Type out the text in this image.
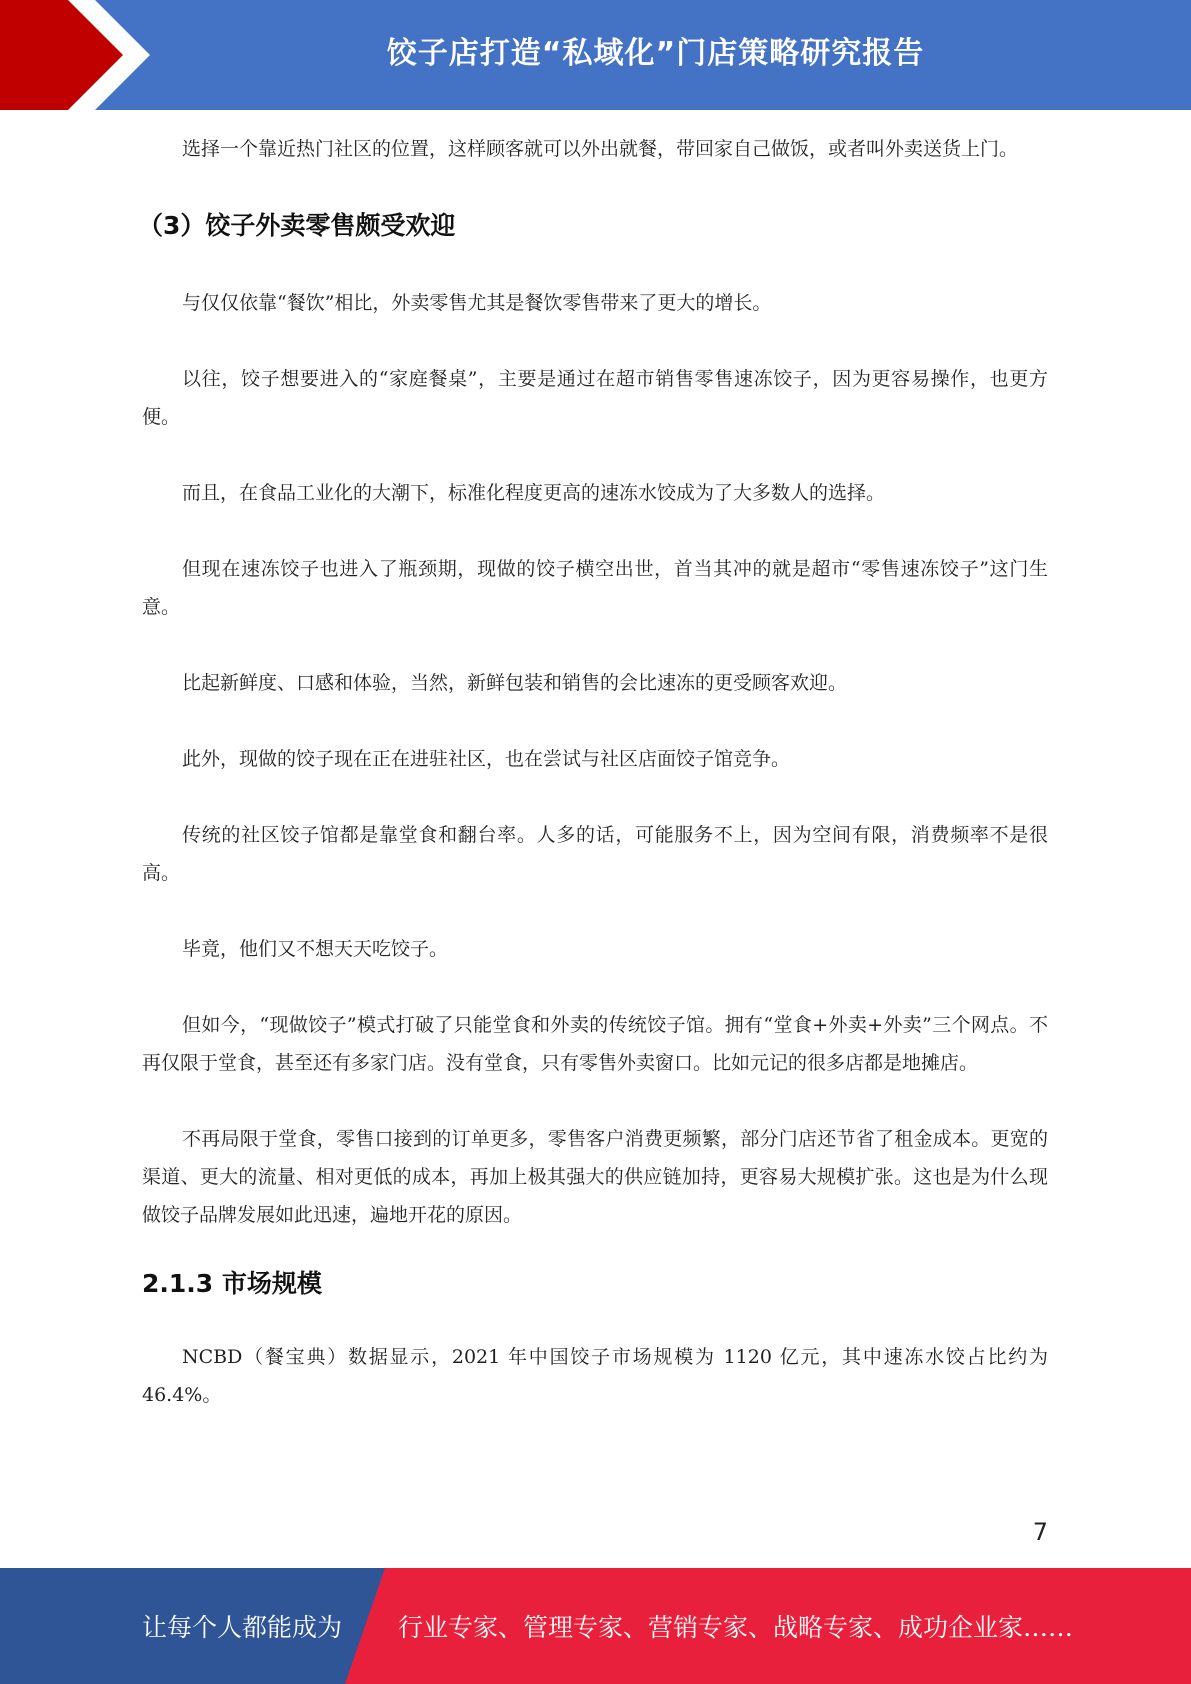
饺子店打造“私域化”门店策略研究报告

选择一个靠近热门社区的位置，这样顾客就可以外出就餐，带回家自己做饭，或者叫外卖送货上门。

（3）饺子外卖零售颇受欢迎

与仅仅依靠“餐饮”相比，外卖零售尤其是餐饮零售带来了更大的增长。

以往，饺子想要进入的“家庭餐桌”，主要是通过在超市销售零售速冻饺子，因为更容易操作，也更方便。

而且，在食品工业化的大潮下，标准化程度更高的速冻水饺成为了大多数人的选择。

但现在速冻饺子也进入了瓶颈期，现做的饺子横空出世，首当其冲的就是超市“零售速冻饺子”这门生意。

比起新鲜度、口感和体验，当然，新鲜包装和销售的会比速冻的更受顾客欢迎。

此外，现做的饺子现在正在进驻社区，也在尝试与社区店面饺子馆竞争。

传统的社区饺子馆都是靠堂食和翻台率。人多的话，可能服务不上，因为空间有限，消费频率不是很高。

毕竟，他们又不想天天吃饺子。

但如今，“现做饺子”模式打破了只能堂食和外卖的传统饺子馆。拥有“堂食+外卖+外卖”三个网点。不再仅限于堂食，甚至还有多家门店。没有堂食，只有零售外卖窗口。比如元记的很多店都是地摊店。

不再局限于堂食，零售口接到的订单更多，零售客户消费更频繁，部分门店还节省了租金成本。更宽的渠道、更大的流量、相对更低的成本，再加上极其强大的供应链加持，更容易大规模扩张。这也是为什么现做饺子品牌发展如此迅速，遍地开花的原因。

2.1.3 市场规模

NCBD（餐宝典）数据显示，2021 年中国饺子市场规模为 1120 亿元，其中速冻水饺占比约为 46.4%。

7
让每个人都能成为 行业专家、管理专家、营销专家、战略专家、成功企业家……
